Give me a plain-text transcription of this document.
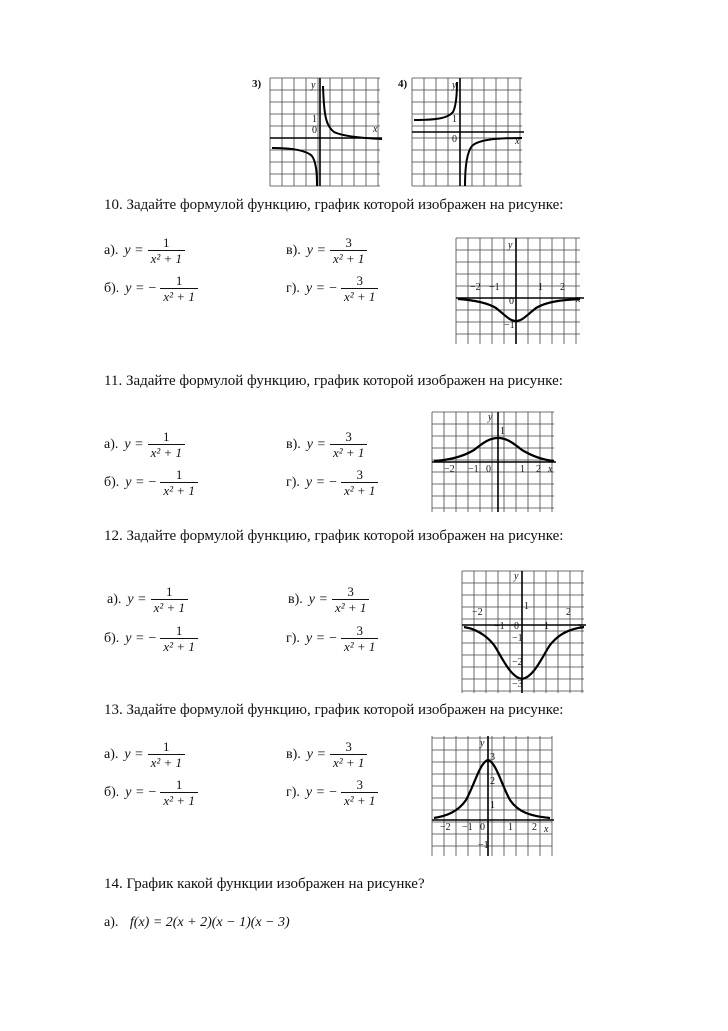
3)	y
x
1
0
4)	y
x
1
0
10. Задайте формулой функцию, график которой изображен на рисунке:
а). $y = \frac{1}{\text{x² + 1}}$
б). y = − $\frac{1}{\text{x² + 1}}$
в). $y = \frac{3}{\text{x² + 1}}$
г). y = − $\frac{3}{\text{x² + 1}}$	−2 −1
0
1 2
−1
y
x
11. Задайте формулой функцию, график которой изображен на рисунке:
а). $y = \frac{1}{\text{x² + 1}}$
б). y = − $\frac{1}{\text{x² + 1}}$
в). $y = \frac{3}{\text{x² + 1}}$
г). y = − $\frac{3}{\text{x² + 1}}$	−2 −1 0	1 2
1
y
x
12. Задайте формулой функцию, график которой изображен на рисунке:
а). $y = \frac{1}{\text{x² + 1}}$
б). y = − $\frac{1}{\text{x² + 1}}$
в). $y = \frac{3}{\text{x² + 1}}$
г). y = − $\frac{3}{\text{x² + 1}}$
−2
−1 0	1
2
1
−1
−2
−3
y
x
13. Задайте формулой функцию, график которой изображен на рисунке:
а). $y = \frac{1}{\text{x² + 1}}$
б). y = − $\frac{1}{\text{x² + 1}}$
в). $y = \frac{3}{\text{x² + 1}}$
г). y = − $\frac{3}{\text{x² + 1}}$
−2 −1 0 1 2
3
2
1
−1
y
x
14. График какой функции изображен на рисунке?
а). f(x) = 2(x + 2)(x − 1)(x − 3)
